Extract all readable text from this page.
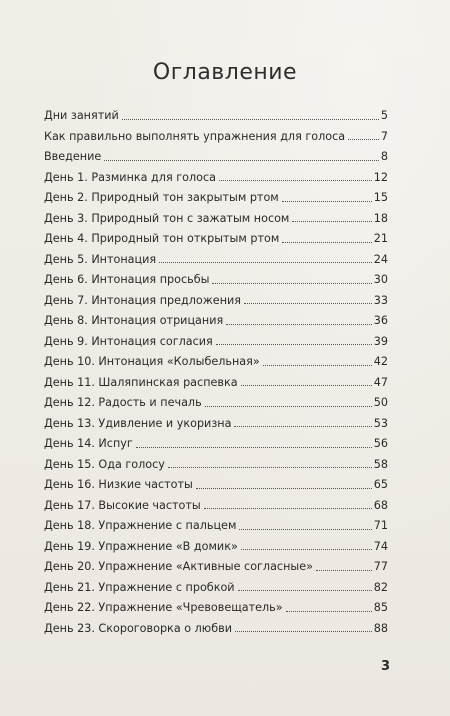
Оглавление
Дни занятий	5
Как правильно выполнять упражнения для голоса	7
Введение	8
День 1. Разминка для голоса	12
День 2. Природный тон закрытым ртом	15
День 3. Природный тон с зажатым носом	18
День 4. Природный тон открытым ртом	21
День 5. Интонация	24
День 6. Интонация просьбы	30
День 7. Интонация предложения	33
День 8. Интонация отрицания	36
День 9. Интонация согласия	39
День 10. Интонация «Колыбельная»	42
День 11. Шаляпинская распевка	47
День 12. Радость и печаль	50
День 13. Удивление и укоризна	53
День 14. Испуг	56
День 15. Ода голосу	58
День 16. Низкие частоты	65
День 17. Высокие частоты	68
День 18. Упражнение с пальцем	71
День 19. Упражнение «В домик»	74
День 20. Упражнение «Активные согласные»	77
День 21. Упражнение с пробкой	82
День 22. Упражнение «Чревовещатель»	85
День 23. Скороговорка о любви	88
3
